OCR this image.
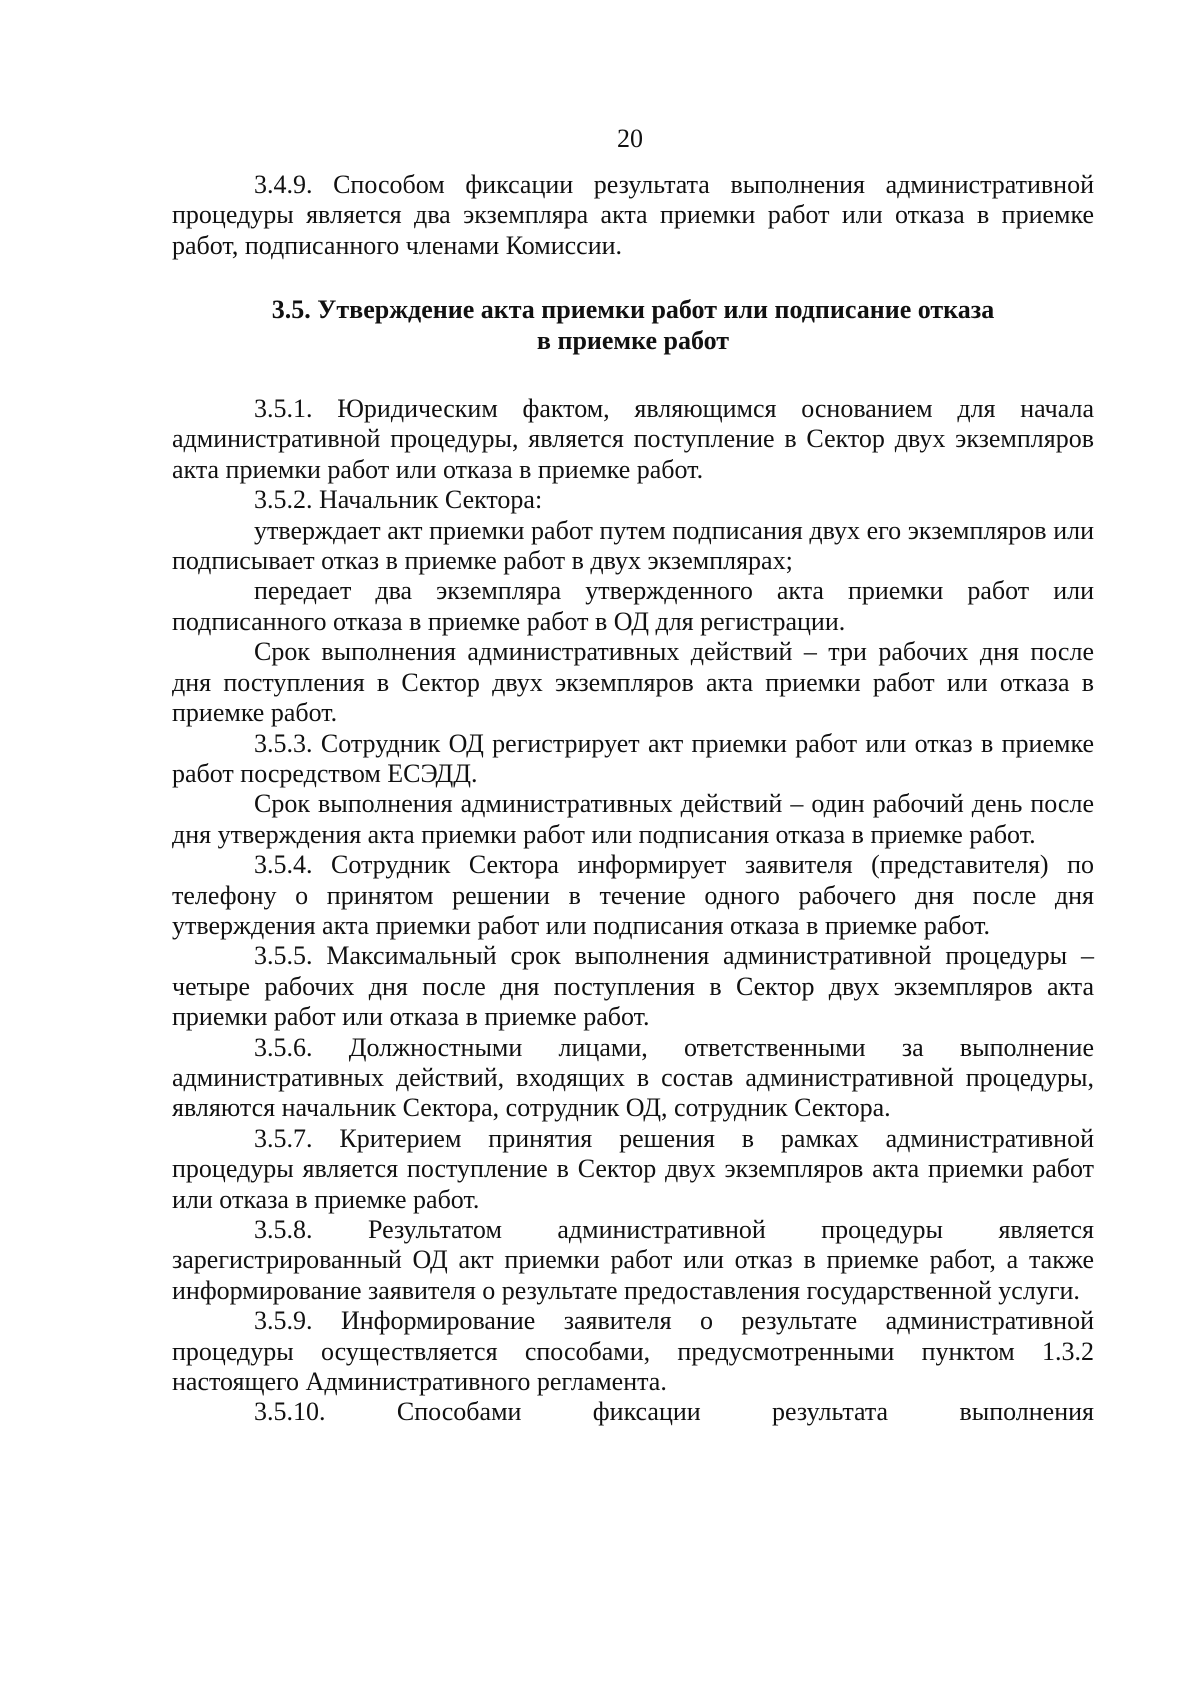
20

3.4.9. Способом фиксации результата выполнения административной процедуры является два экземпляра акта приемки работ или отказа в приемке работ, подписанного членами Комиссии.

3.5. Утверждение акта приемки работ или подписание отказа
в приемке работ

3.5.1. Юридическим фактом, являющимся основанием для начала административной процедуры, является поступление в Сектор двух экземпляров акта приемки работ или отказа в приемке работ.

3.5.2. Начальник Сектора:

утверждает акт приемки работ путем подписания двух его экземпляров или подписывает отказ в приемке работ в двух экземплярах;

передает два экземпляра утвержденного акта приемки работ или подписанного отказа в приемке работ в ОД для регистрации.

Срок выполнения административных действий – три рабочих дня после дня поступления в Сектор двух экземпляров акта приемки работ или отказа в приемке работ.

3.5.3. Сотрудник ОД регистрирует акт приемки работ или отказ в приемке работ посредством ЕСЭДД.

Срок выполнения административных действий – один рабочий день после дня утверждения акта приемки работ или подписания отказа в приемке работ.

3.5.4. Сотрудник Сектора информирует заявителя (представителя) по телефону о принятом решении в течение одного рабочего дня после дня утверждения акта приемки работ или подписания отказа в приемке работ.

3.5.5. Максимальный срок выполнения административной процедуры – четыре рабочих дня после дня поступления в Сектор двух экземпляров акта приемки работ или отказа в приемке работ.

3.5.6. Должностными лицами, ответственными за выполнение административных действий, входящих в состав административной процедуры, являются начальник Сектора, сотрудник ОД, сотрудник Сектора.

3.5.7. Критерием принятия решения в рамках административной процедуры является поступление в Сектор двух экземпляров акта приемки работ или отказа в приемке работ.

3.5.8. Результатом административной процедуры является зарегистрированный ОД акт приемки работ или отказ в приемке работ, а также информирование заявителя о результате предоставления государственной услуги.

3.5.9. Информирование заявителя о результате административной процедуры осуществляется способами, предусмотренными пунктом 1.3.2 настоящего Административного регламента.

3.5.10. Способами фиксации результата выполнения
